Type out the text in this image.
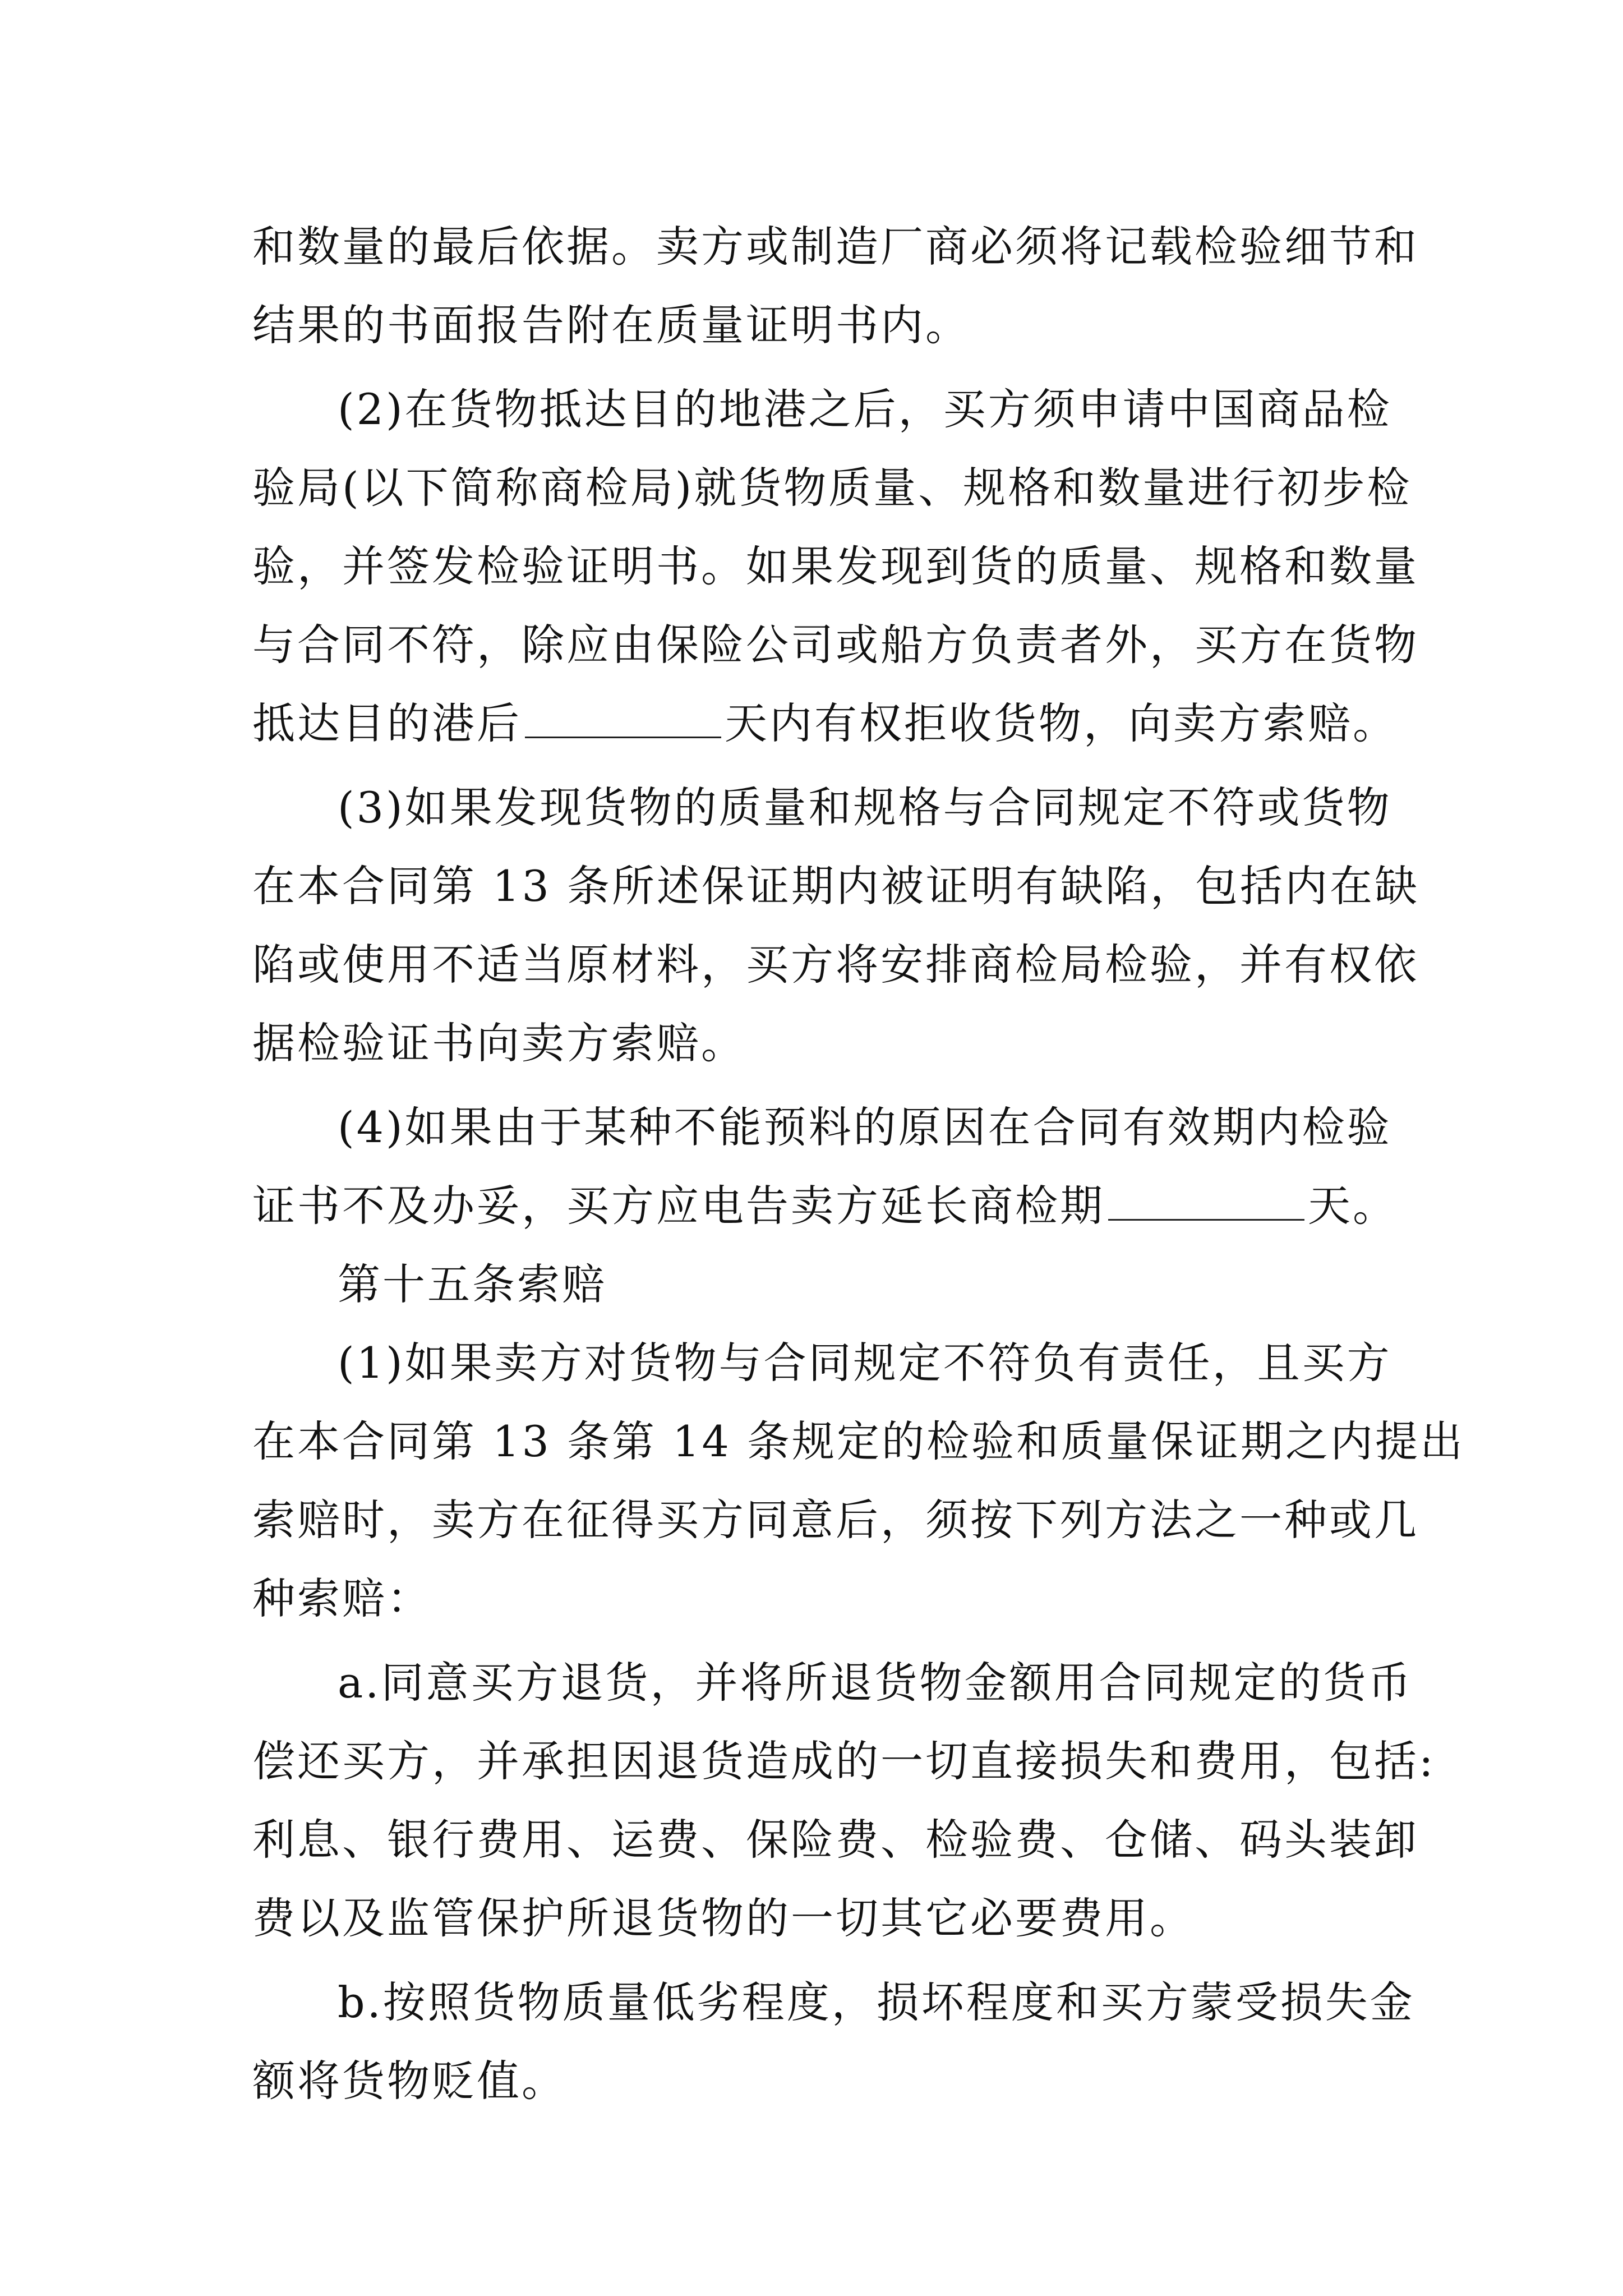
和数量的最后依据。卖方或制造厂商必须将记载检验细节和
结果的书面报告附在质量证明书内。
(2)在货物抵达目的地港之后，买方须申请中国商品检
验局(以下简称商检局)就货物质量、规格和数量进行初步检
验，并签发检验证明书。如果发现到货的质量、规格和数量
与合同不符，除应由保险公司或船方负责者外，买方在货物
抵达目的港后	天内有权拒收货物，向卖方索赔。
(3)如果发现货物的质量和规格与合同规定不符或货物
在本合同第 13 条所述保证期内被证明有缺陷，包括内在缺
陷或使用不适当原材料，买方将安排商检局检验，并有权依
据检验证书向卖方索赔。
(4)如果由于某种不能预料的原因在合同有效期内检验
证书不及办妥，买方应电告卖方延长商检期	天。
第十五条索赔
(1)如果卖方对货物与合同规定不符负有责任，且买方
在本合同第 13 条第 14 条规定的检验和质量保证期之内提出
索赔时，卖方在征得买方同意后，须按下列方法之一种或几
种索赔：
a.同意买方退货，并将所退货物金额用合同规定的货币
偿还买方，并承担因退货造成的一切直接损失和费用，包括:
利息、银行费用、运费、保险费、检验费、仓储、码头装卸
费以及监管保护所退货物的一切其它必要费用。
b.按照货物质量低劣程度，损坏程度和买方蒙受损失金
额将货物贬值。
